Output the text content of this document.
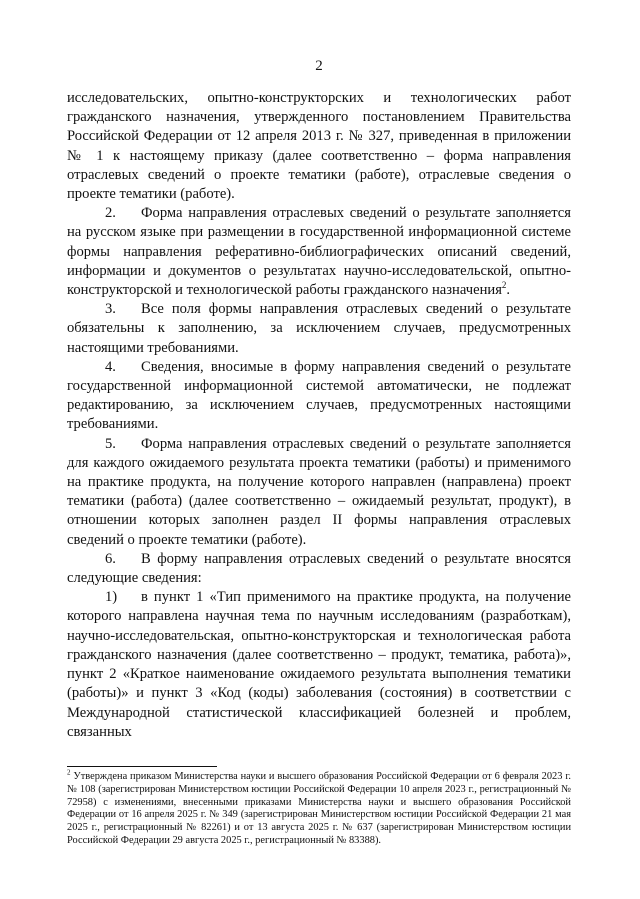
2

исследовательских, опытно-конструкторских и технологических работ гражданского назначения, утвержденного постановлением Правительства Российской Федерации от 12 апреля 2013 г. № 327, приведенная в приложении № 1 к настоящему приказу (далее соответственно – форма направления отраслевых сведений о проекте тематики (работе), отраслевые сведения о проекте тематики (работе).

2. Форма направления отраслевых сведений о результате заполняется на русском языке при размещении в государственной информационной системе формы направления реферативно-библиографических описаний сведений, информации и документов о результатах научно-исследовательской, опытно-конструкторской и технологической работы гражданского назначения$^2$.

3. Все поля формы направления отраслевых сведений о результате обязательны к заполнению, за исключением случаев, предусмотренных настоящими требованиями.

4. Сведения, вносимые в форму направления сведений о результате государственной информационной системой автоматически, не подлежат редактированию, за исключением случаев, предусмотренных настоящими требованиями.

5. Форма направления отраслевых сведений о результате заполняется для каждого ожидаемого результата проекта тематики (работы) и применимого на практике продукта, на получение которого направлен (направлена) проект тематики (работа) (далее соответственно – ожидаемый результат, продукт), в отношении которых заполнен раздел II формы направления отраслевых сведений о проекте тематики (работе).

6. В форму направления отраслевых сведений о результате вносятся следующие сведения:

1) в пункт 1 «Тип применимого на практике продукта, на получение которого направлена научная тема по научным исследованиям (разработкам), научно-исследовательская, опытно-конструкторская и технологическая работа гражданского назначения (далее соответственно – продукт, тематика, работа)», пункт 2 «Краткое наименование ожидаемого результата выполнения тематики (работы)» и пункт 3 «Код (коды) заболевания (состояния) в соответствии с Международной статистической классификацией болезней и проблем, связанных

$^2$ Утверждена приказом Министерства науки и высшего образования Российской Федерации от 6 февраля 2023 г. № 108 (зарегистрирован Министерством юстиции Российской Федерации 10 апреля 2023 г., регистрационный № 72958) с изменениями, внесенными приказами Министерства науки и высшего образования Российской Федерации от 16 апреля 2025 г. № 349 (зарегистрирован Министерством юстиции Российской Федерации 21 мая 2025 г., регистрационный № 82261) и от 13 августа 2025 г. № 637 (зарегистрирован Министерством юстиции Российской Федерации 29 августа 2025 г., регистрационный № 83388).
